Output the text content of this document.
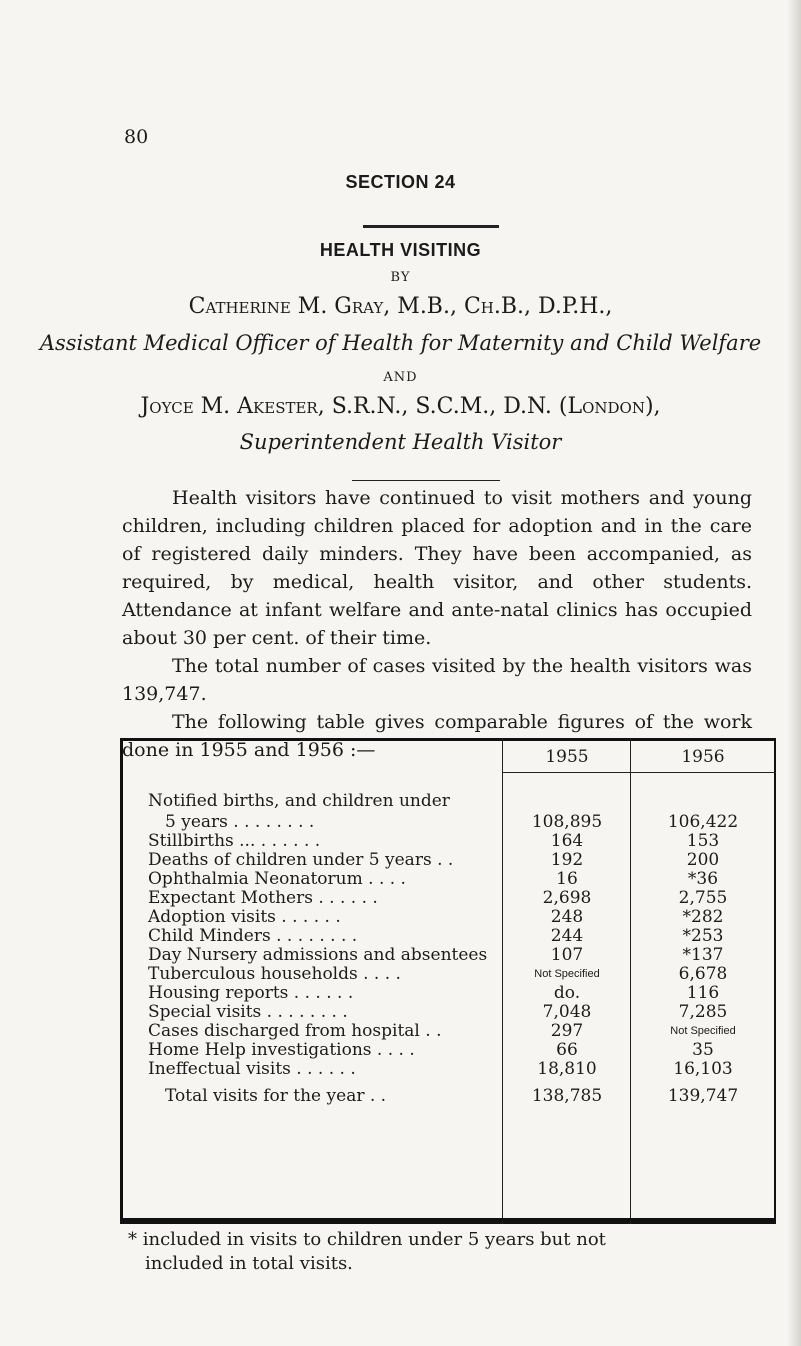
80
SECTION 24
HEALTH VISITING
BY
Catherine M. Gray, M.B., Ch.B., D.P.H.,
Assistant Medical Officer of Health for Maternity and Child Welfare
AND
Joyce M. Akester, S.R.N., S.C.M., D.N. (London),
Superintendent Health Visitor
Health visitors have continued to visit mothers and young children, including children placed for adoption and in the care of registered daily minders. They have been accompanied, as required, by medical, health visitor, and other students. Attendance at infant welfare and ante-natal clinics has occupied about 30 per cent. of their time.
The total number of cases visited by the health visitors was 139,747.
The following table gives comparable figures of the work done in 1955 and 1956 :—	1955	1956
Notified births, and children under
5 years . . . . . . . .	108,895	106,422
Stillbirths ... . . . . . .	164	153
Deaths of children under 5 years . .	192	200
Ophthalmia Neonatorum . . . .	16	*36
Expectant Mothers . . . . . .	2,698	2,755
Adoption visits . . . . . .	248	*282
Child Minders . . . . . . . .	244	*253
Day Nursery admissions and absentees	107	*137
Tuberculous households . . . .	Not Specified	6,678
Housing reports . . . . . .	do.	116
Special visits . . . . . . . .	7,048	7,285
Cases discharged from hospital . .	297	Not Specified
Home Help investigations . . . .	66	35
Ineffectual visits . . . . . .	18,810	16,103
Total visits for the year . .	138,785	139,747
* included in visits to children under 5 years but not
included in total visits.
